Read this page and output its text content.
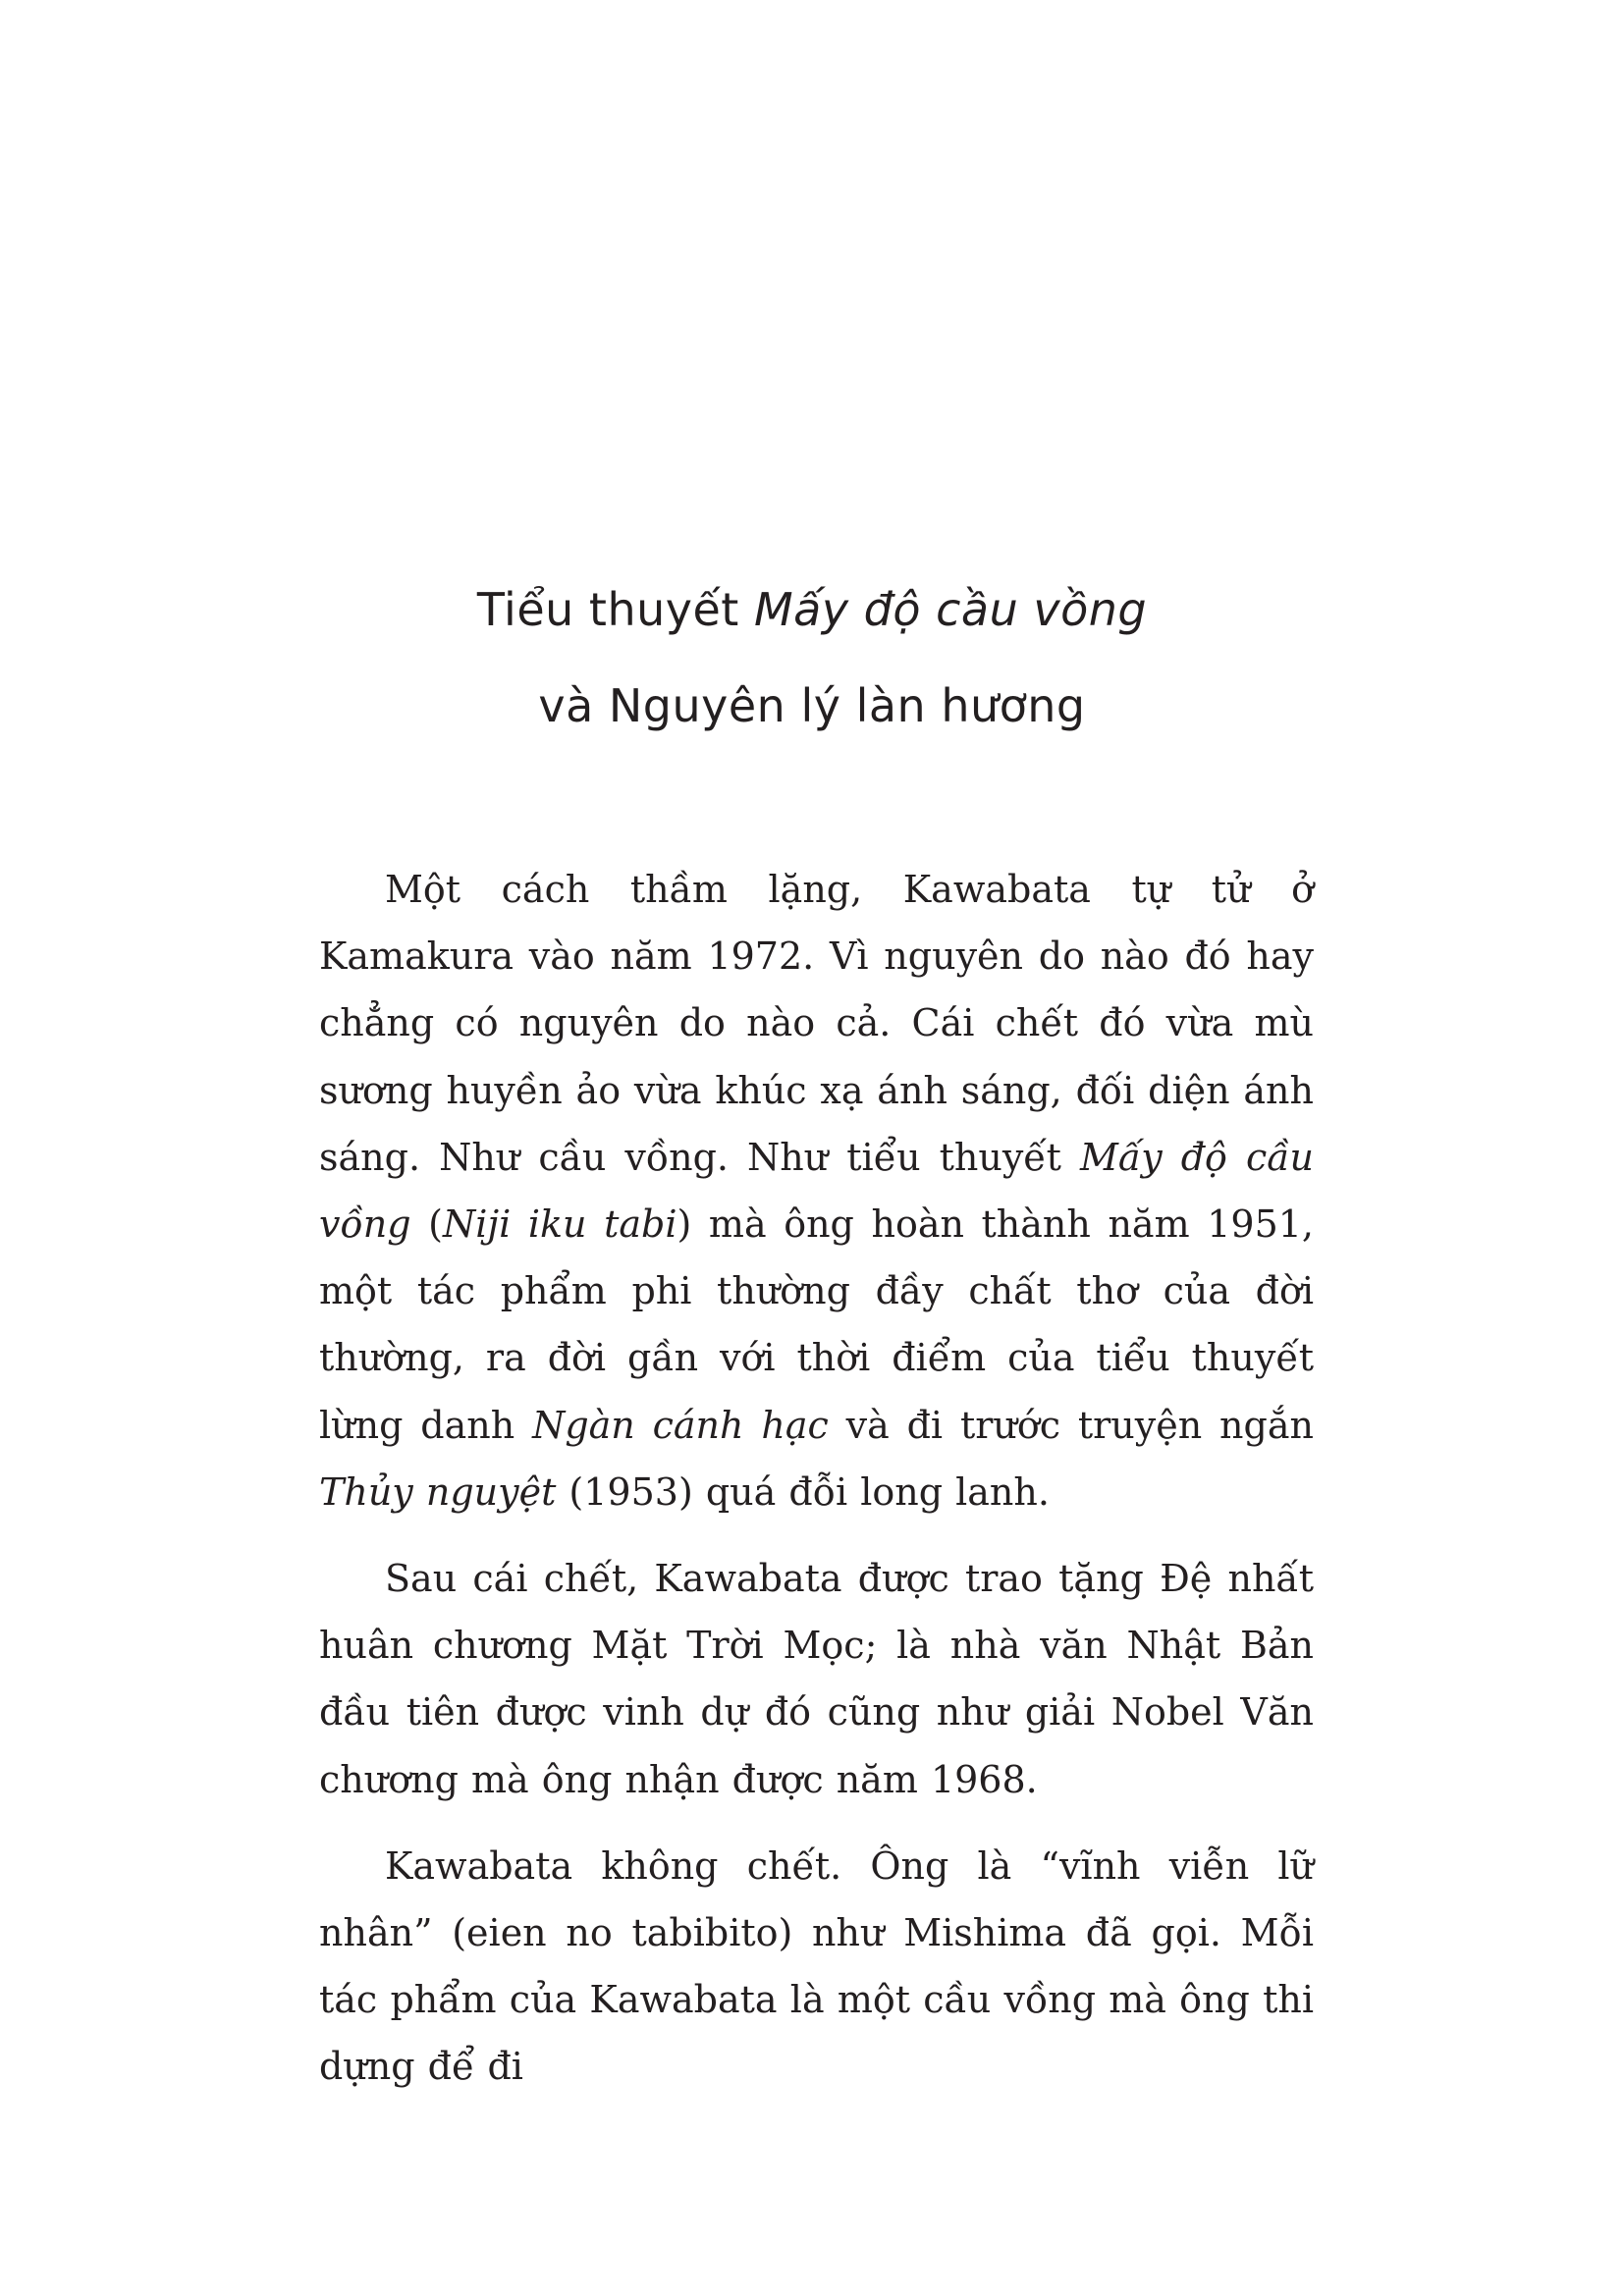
Tiểu thuyết Mấy độ cầu vồng
và Nguyên lý làn hương

Một cách thầm lặng, Kawabata tự tử ở Kamakura vào năm 1972. Vì nguyên do nào đó hay chẳng có nguyên do nào cả. Cái chết đó vừa mù sương huyền ảo vừa khúc xạ ánh sáng, đối diện ánh sáng. Như cầu vồng. Như tiểu thuyết Mấy độ cầu vồng (Niji iku tabi) mà ông hoàn thành năm 1951, một tác phẩm phi thường đầy chất thơ của đời thường, ra đời gần với thời điểm của tiểu thuyết lừng danh Ngàn cánh hạc và đi trước truyện ngắn Thủy nguyệt (1953) quá đỗi long lanh.

Sau cái chết, Kawabata được trao tặng Đệ nhất huân chương Mặt Trời Mọc; là nhà văn Nhật Bản đầu tiên được vinh dự đó cũng như giải Nobel Văn chương mà ông nhận được năm 1968.

Kawabata không chết. Ông là “vĩnh viễn lữ nhân” (eien no tabibito) như Mishima đã gọi. Mỗi tác phẩm của Kawabata là một cầu vồng mà ông thi dựng để đi
